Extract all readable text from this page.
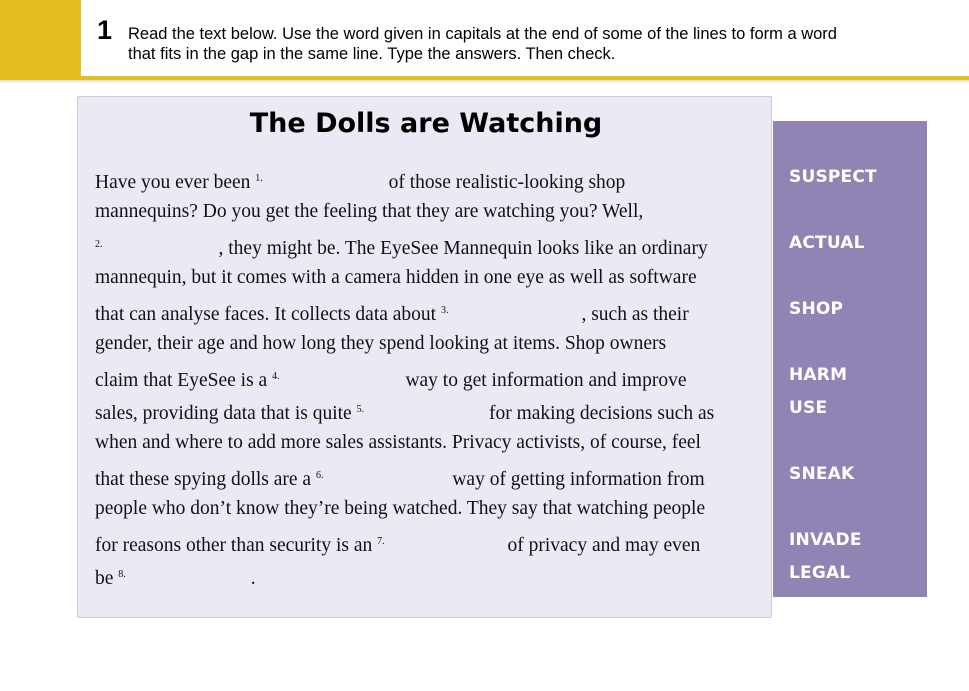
1 Read the text below. Use the word given in capitals at the end of some of the lines to form a word
that fits in the gap in the same line. Type the answers. Then check.
The Dolls are Watching
Have you ever been $^{1.}$	of those realistic-looking shop
mannequins? Do you get the feeling that they are watching you? Well,
$^{2.}$	, they might be. The EyeSee Mannequin looks like an ordinary
mannequin, but it comes with a camera hidden in one eye as well as software
that can analyse faces. It collects data about $^{3.}$	, such as their
gender, their age and how long they spend looking at items. Shop owners
claim that EyeSee is a $^{4.}$	way to get information and improve
sales, providing data that is quite $^{5.}$	for making decisions such as
when and where to add more sales assistants. Privacy activists, of course, feel
that these spying dolls are a $^{6.}$	way of getting information from
people who don’t know they’re being watched. They say that watching people
for reasons other than security is an $^{7.}$	of privacy and may even
be $^{8.}$	.
SUSPECT
ACTUAL
SHOP
HARM
USE
SNEAK
INVADE
LEGAL
